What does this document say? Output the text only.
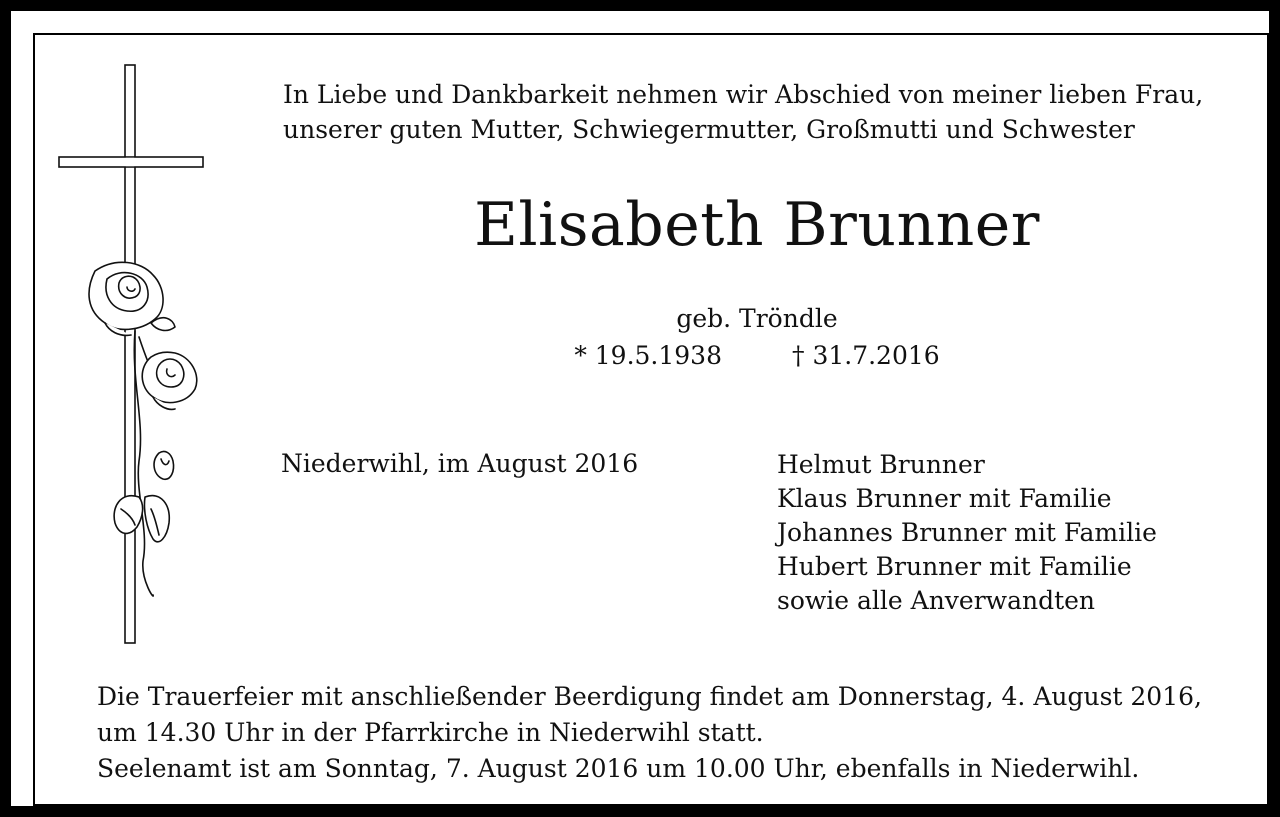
In Liebe und Dankbarkeit nehmen wir Abschied von meiner lieben Frau,
unserer guten Mutter, Schwiegermutter, Großmutti und Schwester
Elisabeth Brunner
geb. Tröndle
* 19.5.1938	† 31.7.2016
Niederwihl, im August 2016	Helmut Brunner
Klaus Brunner mit Familie
Johannes Brunner mit Familie
Hubert Brunner mit Familie
sowie alle Anverwandten
Die Trauerfeier mit anschließender Beerdigung findet am Donnerstag, 4. August 2016,
um 14.30 Uhr in der Pfarrkirche in Niederwihl statt.
Seelenamt ist am Sonntag, 7. August 2016 um 10.00 Uhr, ebenfalls in Niederwihl.
